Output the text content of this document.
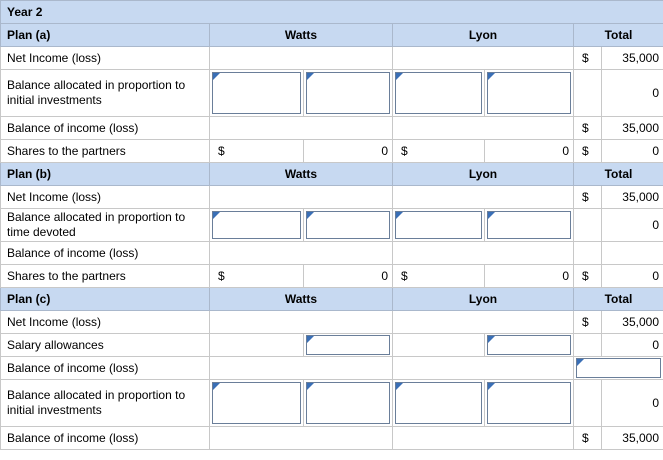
Year 2						
Plan (a)	Watts		Lyon		Total	
Net Income (loss)					$	35,000
Balance allocated in proportion to initial investments						0
Balance of income (loss)					$	35,000
Shares to the partners	$	0	$	0	$	0
Plan (b)	Watts		Lyon		Total	
Net Income (loss)					$	35,000
Balance allocated in proportion to time devoted						0
Balance of income (loss)						
Shares to the partners	$	0	$	0	$	0
Plan (c)	Watts		Lyon		Total	
Net Income (loss)					$	35,000
Salary allowances						0
Balance of income (loss)						

Balance allocated in proportion to initial investments						0
Balance of income (loss)					$	35,000
